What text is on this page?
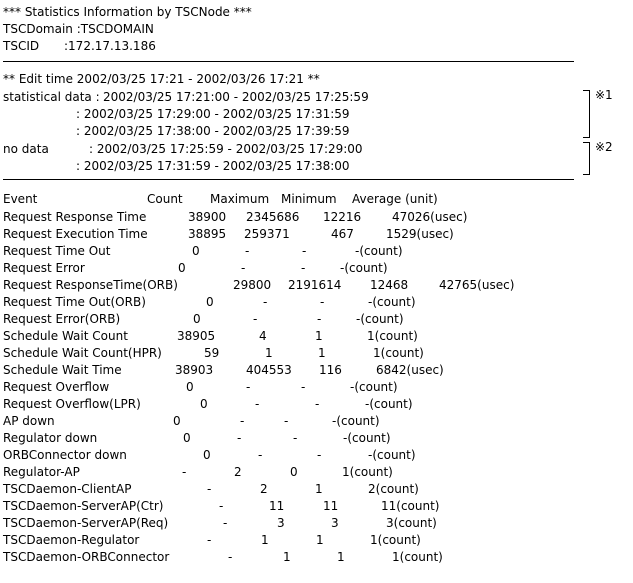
*** Statistics Information by TSCNode ***
TSCDomain :TSCDOMAIN
TSCID :172.17.13.186
** Edit time 2002/03/25 17:21 - 2002/03/26 17:21 **
statistical data : 2002/03/25 17:21:00 - 2002/03/25 17:25:59
: 2002/03/25 17:29:00 - 2002/03/25 17:31:59
: 2002/03/25 17:38:00 - 2002/03/25 17:39:59
※1
no data	: 2002/03/25 17:25:59 - 2002/03/25 17:29:00
: 2002/03/25 17:31:59 - 2002/03/25 17:38:00
※2
Event	Count Maximum Minimum Average (unit)
Request Response Time	38900 2345686 12216	47026(usec)
Request Execution Time	38895 259371	467	1529(usec)
Request Time Out	0	-	-	-(count)
Request Error	0	-	-	-(count)
Request ResponseTime(ORB)	29800 2191614 12468	42765(usec)
Request Time Out(ORB)	0	-	-	-(count)
Request Error(ORB)	0	-	-	-(count)
Schedule Wait Count	38905	4	1	1(count)
Schedule Wait Count(HPR)	59	1	1	1(count)
Schedule Wait Time	38903	404553 116	6842(usec)
Request Overflow	0	-	-	-(count)
Request Overflow(LPR)	0	-	-	-(count)
AP down	0	-	-	-(count)
Regulator down	0	-	-	-(count)
ORBConnector down	0	-	-	-(count)
Regulator-AP	-	2	0	1(count)
TSCDaemon-ClientAP	-	2	1	2(count)
TSCDaemon-ServerAP(Ctr)	-	11	11	11(count)
TSCDaemon-ServerAP(Req)	-	3	3	3(count)
TSCDaemon-Regulator	-	1	1	1(count)
TSCDaemon-ORBConnector	-	1	1	1(count)
